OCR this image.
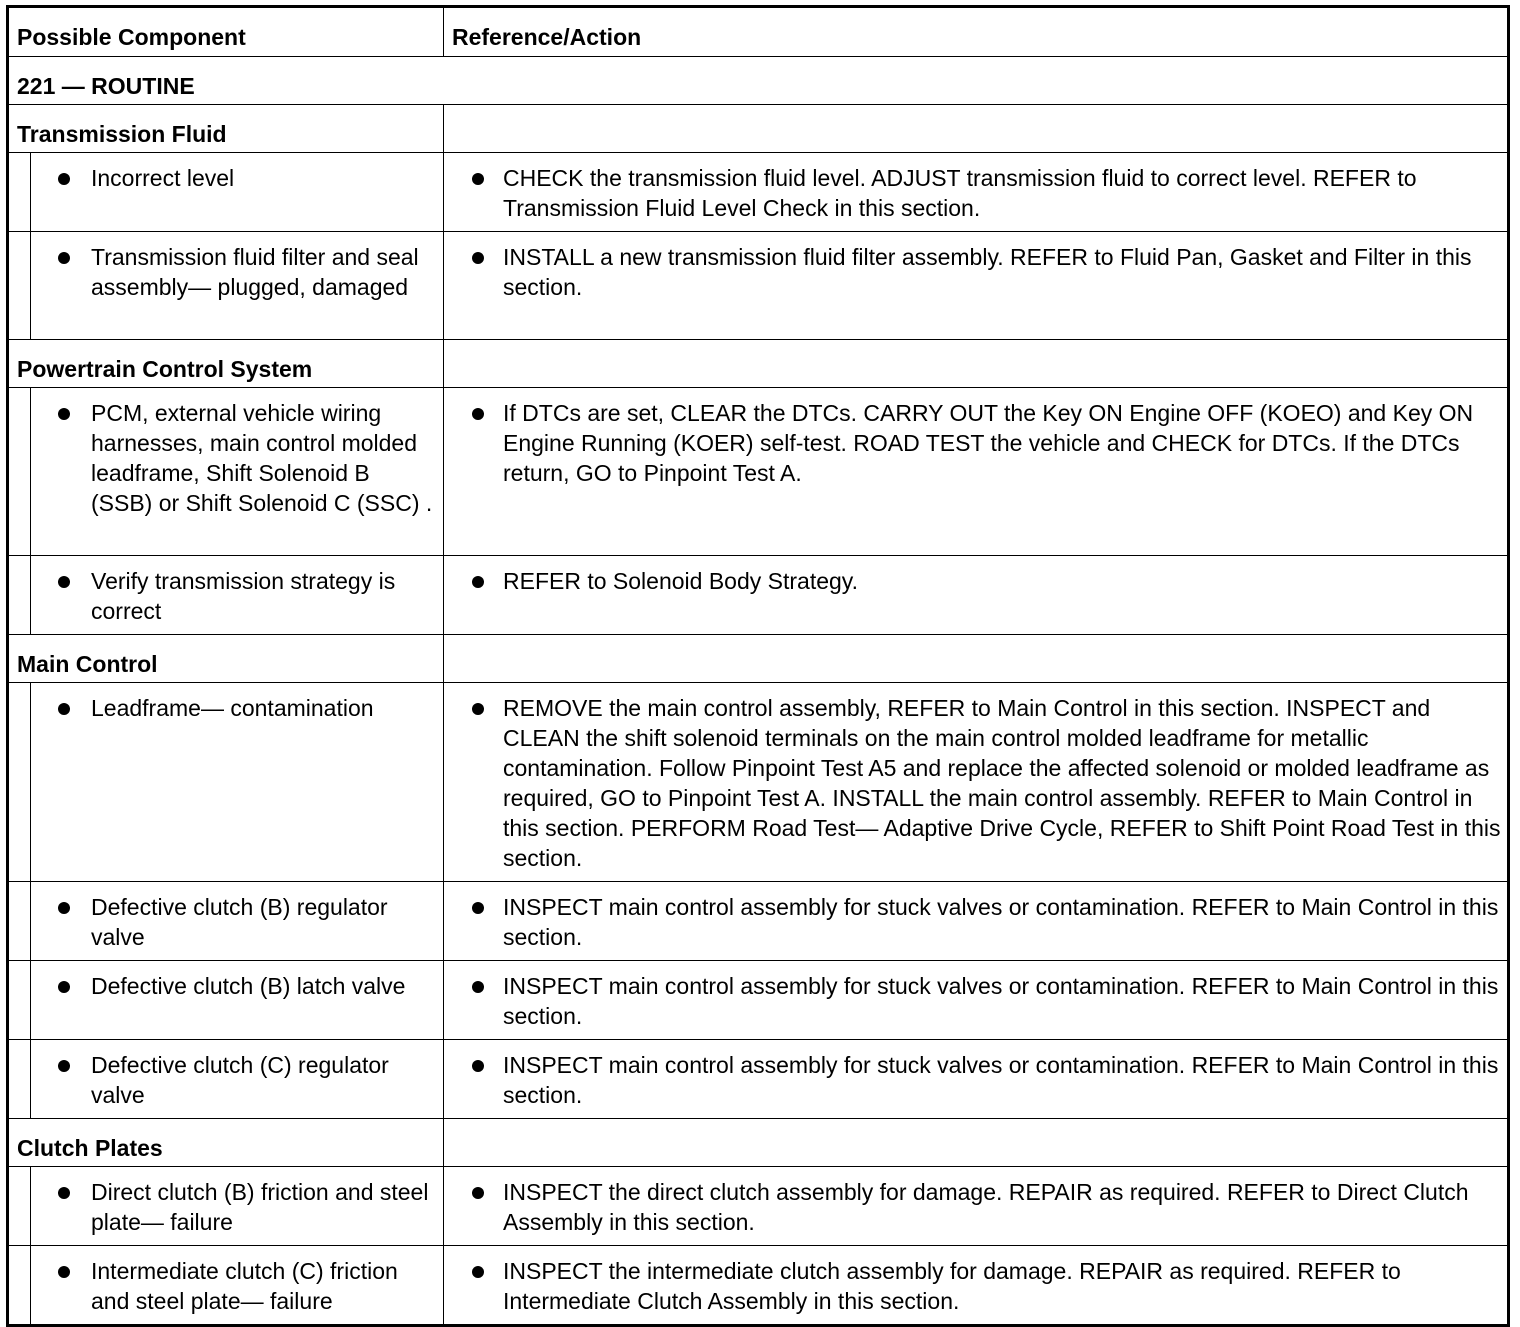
Possible Component		Reference/Action
221 — ROUTINE		
Transmission Fluid		

	Incorrect level	CHECK the transmission fluid level. ADJUST transmission fluid to correct level. REFER to Transmission Fluid Level Check in this section.

	Transmission fluid filter and seal assembly— plugged, damaged	INSTALL a new transmission fluid filter assembly. REFER to Fluid Pan, Gasket and Filter in this section.

Powertrain Control System		

	PCM, external vehicle wiring harnesses, main control molded leadframe, Shift Solenoid B (SSB) or Shift Solenoid C (SSC) .	If DTCs are set, CLEAR the DTCs. CARRY OUT the Key ON Engine OFF (KOEO) and Key ON Engine Running (KOER) self-test. ROAD TEST the vehicle and CHECK for DTCs. If the DTCs return, GO to Pinpoint Test A.

	Verify transmission strategy is correct	REFER to Solenoid Body Strategy.

Main Control		

	Leadframe— contamination	REMOVE the main control assembly, REFER to Main Control in this section. INSPECT and CLEAN the shift solenoid terminals on the main control molded leadframe for metallic contamination. Follow Pinpoint Test A5 and replace the affected solenoid or molded leadframe as required, GO to Pinpoint Test A. INSTALL the main control assembly. REFER to Main Control in this section. PERFORM Road Test— Adaptive Drive Cycle, REFER to Shift Point Road Test in this section.

	Defective clutch (B) regulator valve	INSPECT main control assembly for stuck valves or contamination. REFER to Main Control in this section.

	Defective clutch (B) latch valve	INSPECT main control assembly for stuck valves or contamination. REFER to Main Control in this section.

	Defective clutch (C) regulator valve	INSPECT main control assembly for stuck valves or contamination. REFER to Main Control in this section.

Clutch Plates		

	Direct clutch (B) friction and steel plate— failure	INSPECT the direct clutch assembly for damage. REPAIR as required. REFER to Direct Clutch Assembly in this section.

	Intermediate clutch (C) friction and steel plate— failure	INSPECT the intermediate clutch assembly for damage. REPAIR as required. REFER to Intermediate Clutch Assembly in this section.
